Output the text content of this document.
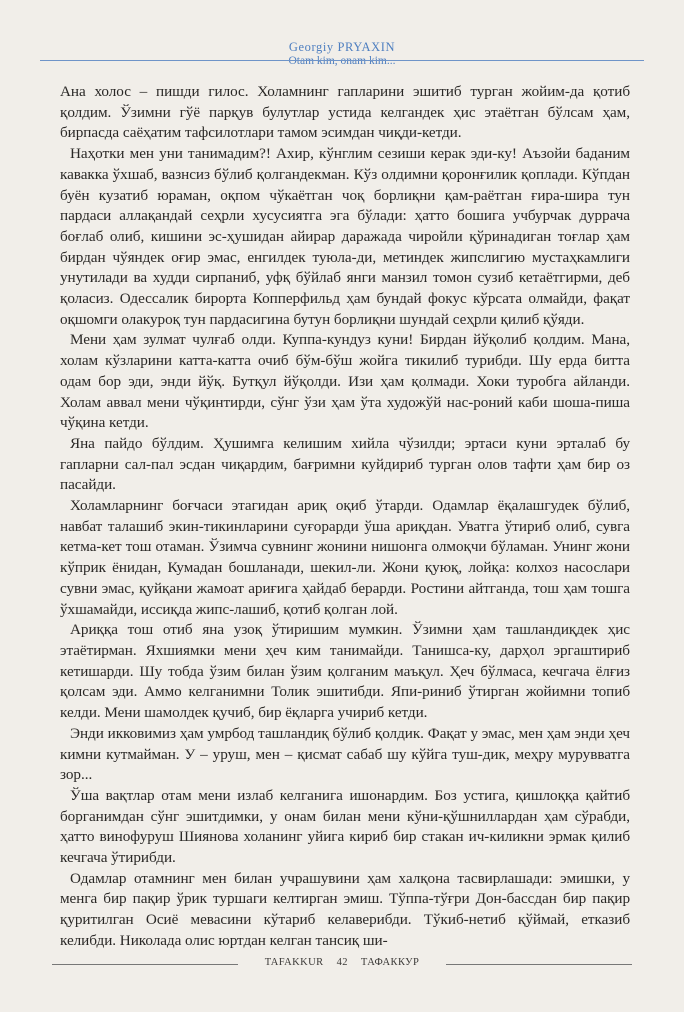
Georgiy PRYAXIN
Otam kim, onam kim...

Ана холос – пишди гилос. Холамнинг гапларини эшитиб турган жойим-да қотиб қолдим. Ўзимни гўё парқув булутлар устида келгандек ҳис этаётган бўлсам ҳам, бирпасда саёҳатим тафсилотлари тамом эсимдан чиқди-кетди.

Наҳотки мен уни танимадим?! Ахир, кўнглим сезиши керак эди-ку! Аъзойи баданим кавакка ўхшаб, вазнсиз бўлиб қолгандекман. Кўз олдимни қоронғилик қоплади. Кўпдан буён кузатиб юраман, оқпом чўкаётган чоқ борлиқни қам-раётган ғира-шира тун пардаси аллақандай сеҳрли хусусиятга эга бўлади: ҳатто бошига учбурчак дуррача боғлаб олиб, кишини эс-ҳушидан айирар даражада чиройли қўринадиган тоғлар ҳам бирдан чўяндек оғир эмас, енгилдек туюла-ди, метиндек жипслигию мустаҳкамлиги унутилади ва худди сирпаниб, уфқ бўйлаб янги манзил томон сузиб кетаётгирми, деб қоласиз. Одессалик бирорта Копперфильд ҳам бундай фокус кўрсата олмайди, фақат оқшомги олакуроқ тун пардасигина бутун борлиқни шундай сеҳрли қилиб қўяди.

Мени ҳам зулмат чулғаб олди. Куппа-кундуз куни! Бирдан йўқолиб қолдим. Мана, холам кўзларини катта-катта очиб бўм-бўш жойга тикилиб турибди. Шу ерда битта одам бор эди, энди йўқ. Бутқул йўқолди. Изи ҳам қолмади. Хоки туробга айланди. Холам аввал мени чўқинтирди, сўнг ўзи ҳам ўта художўй нас-роний каби шоша-пиша чўқина кетди.

Яна пайдо бўлдим. Ҳушимга келишим хийла чўзилди; эртаси куни эрталаб бу гапларни сал-пал эсдан чиқардим, бағримни куйдириб турган олов тафти ҳам бир оз пасайди.

Холамларнинг боғчаси этагидан ариқ оқиб ўтарди. Одамлар ёқалашгудек бўлиб, навбат талашиб экин-тикинларини суғорарди ўша ариқдан. Уватга ўтириб олиб, сувга кетма-кет тош отаман. Ўзимча сувнинг жонини нишонга олмоқчи бўламан. Унинг жони кўприк ёнидан, Кумадан бошланади, шекил-ли. Жони қуюқ, лойқа: колхоз насослари сувни эмас, қуйқани жамоат ариғига ҳайдаб берарди. Ростини айтганда, тош ҳам тошга ўхшамайди, иссиқда жипс-лашиб, қотиб қолган лой.

Ариққа тош отиб яна узоқ ўтиришим мумкин. Ўзимни ҳам ташландиқдек ҳис этаётирман. Яхшиямки мени ҳеч ким танимайди. Танишса-ку, дарҳол эргаштириб кетишарди. Шу тобда ўзим билан ўзим қолганим маъқул. Ҳеч бўлмаса, кечгача ёлғиз қолсам эди. Аммо келганимни Толик эшитибди. Япи-риниб ўтирган жойимни топиб келди. Мени шамолдек қучиб, бир ёқларга учириб кетди.

Энди икковимиз ҳам умрбод ташландиқ бўлиб қолдик. Фақат у эмас, мен ҳам энди ҳеч кимни кутмайман. У – уруш, мен – қисмат сабаб шу кўйга туш-дик, меҳру мурувватга зор...

Ўша вақтлар отам мени излаб келганига ишонардим. Боз устига, қишлоққа қайтиб борганимдан сўнг эшитдимки, у онам билан мени кўни-қўшниллардан ҳам сўрабди, ҳатто винофуруш Шиянова холанинг уйига кириб бир стакан ич-киликни эрмак қилиб кечгача ўтирибди.

Одамлар отамнинг мен билан учрашувини ҳам халқона тасвирлашади: эмишки, у менга бир пақир ўрик туршаги келтирган эмиш. Тўппа-тўғри Дон-бассдан бир пақир қуритилган Осиё мевасини кўтариб келаверибди. Тўкиб-нетиб қўймай, етказиб келибди. Николада олис юртдан келган тансиқ ши-

TAFAKKUR 42 ТАФАККУР
